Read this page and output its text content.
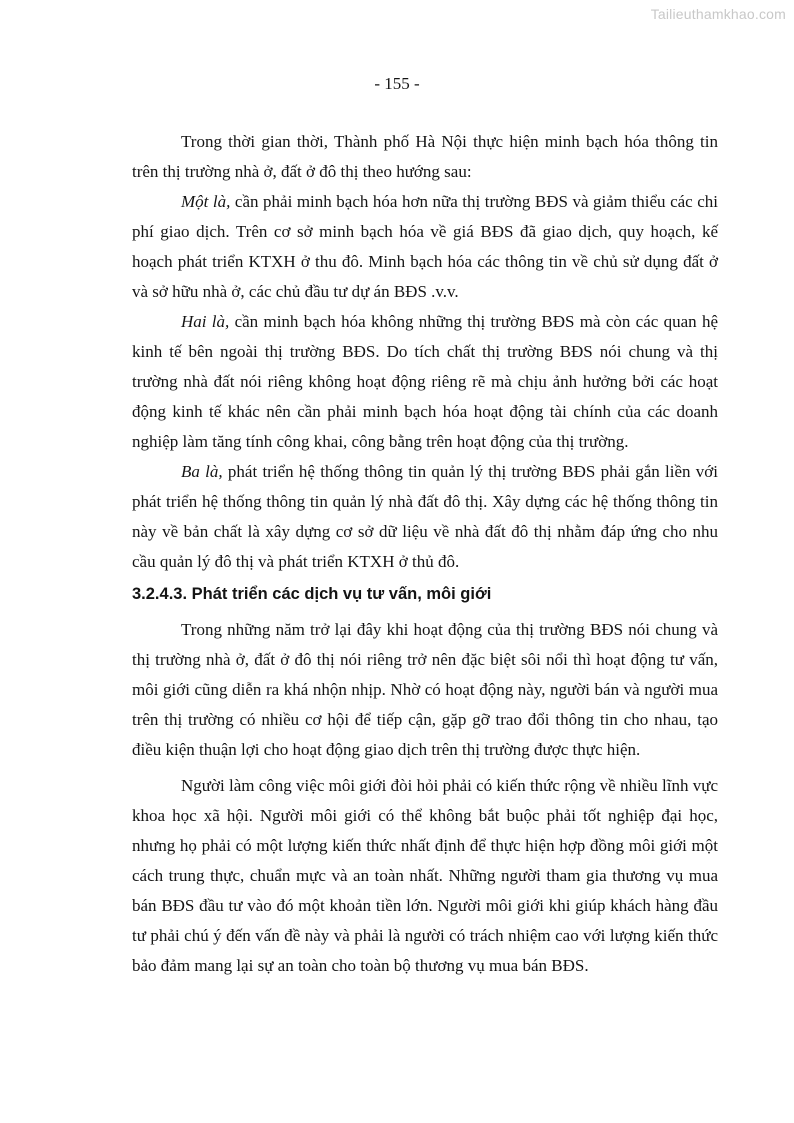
Tailieuthamkhao.com
- 155 -

Trong thời gian thời, Thành phố Hà Nội thực hiện minh bạch hóa thông tin trên thị trường nhà ở, đất ở đô thị theo hướng sau:

Một là, cần phải minh bạch hóa hơn nữa thị trường BĐS và giảm thiểu các chi phí giao dịch. Trên cơ sở minh bạch hóa về giá BĐS đã giao dịch, quy hoạch, kế hoạch phát triển KTXH ở thu đô. Minh bạch hóa các thông tin về chủ sử dụng đất ở và sở hữu nhà ở, các chủ đầu tư dự án BĐS .v.v.

Hai là, cần minh bạch hóa không những thị trường BĐS mà còn các quan hệ kinh tế bên ngoài thị trường BĐS. Do tích chất thị trường BĐS nói chung và thị trường nhà đất nói riêng không hoạt động riêng rẽ mà chịu ảnh hưởng bởi các hoạt động kinh tế khác nên cần phải minh bạch hóa hoạt động tài chính của các doanh nghiệp làm tăng tính công khai, công bằng trên hoạt động của thị trường.

Ba là, phát triển hệ thống thông tin quản lý thị trường BĐS phải gắn liền với phát triển hệ thống thông tin quản lý nhà đất đô thị. Xây dựng các hệ thống thông tin này về bản chất là xây dựng cơ sở dữ liệu về nhà đất đô thị nhằm đáp ứng cho nhu cầu quản lý đô thị và phát triển KTXH ở thủ đô.

3.2.4.3. Phát triển các dịch vụ tư vấn, môi giới

Trong những năm trở lại đây khi hoạt động của thị trường BĐS nói chung và thị trường nhà ở, đất ở đô thị nói riêng trở nên đặc biệt sôi nổi thì hoạt động tư vấn, môi giới cũng diễn ra khá nhộn nhịp. Nhờ có hoạt động này, người bán và người mua trên thị trường có nhiều cơ hội để tiếp cận, gặp gỡ trao đổi thông tin cho nhau, tạo điều kiện thuận lợi cho hoạt động giao dịch trên thị trường được thực hiện.

Người làm công việc môi giới đòi hỏi phải có kiến thức rộng về nhiều lĩnh vực khoa học xã hội. Người môi giới có thể không bắt buộc phải tốt nghiệp đại học, nhưng họ phải có một lượng kiến thức nhất định để thực hiện hợp đồng môi giới một cách trung thực, chuẩn mực và an toàn nhất. Những người tham gia thương vụ mua bán BĐS đầu tư vào đó một khoản tiền lớn. Người môi giới khi giúp khách hàng đầu tư phải chú ý đến vấn đề này và phải là người có trách nhiệm cao với lượng kiến thức bảo đảm mang lại sự an toàn cho toàn bộ thương vụ mua bán BĐS.
